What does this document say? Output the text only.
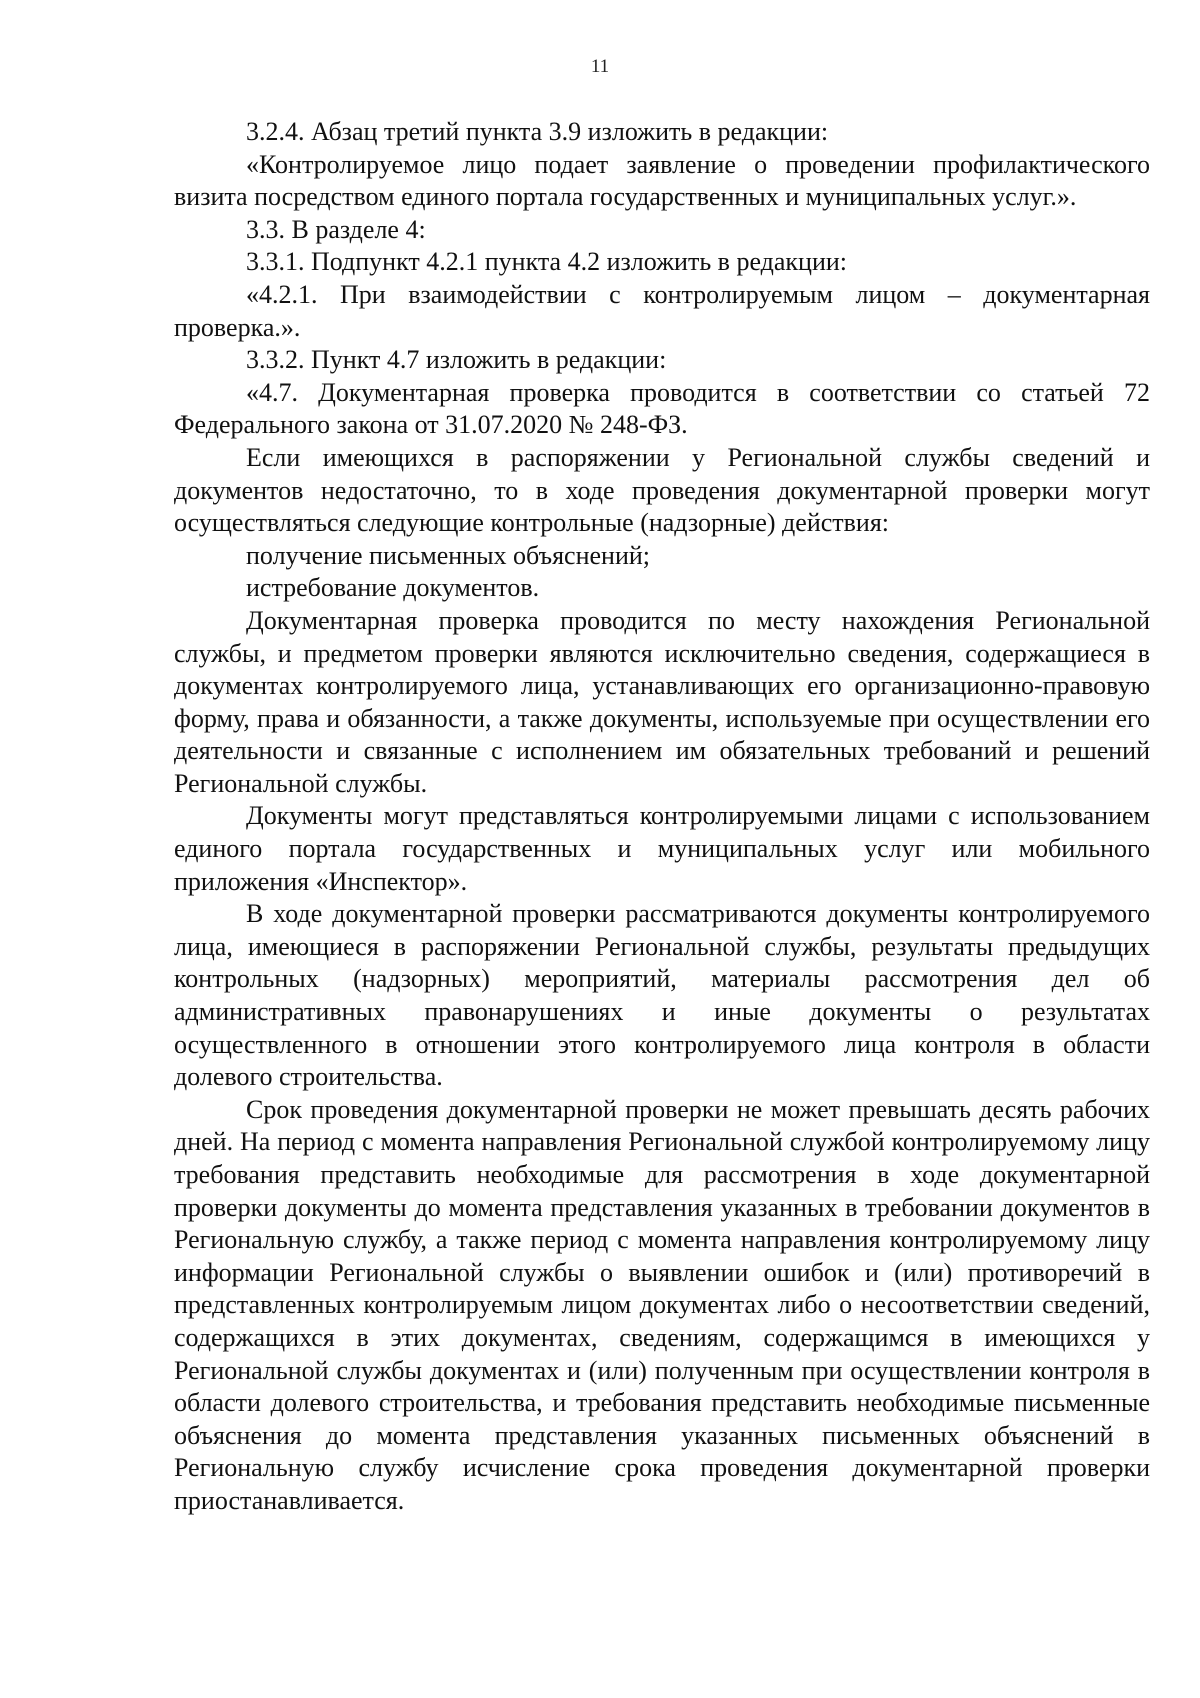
11

3.2.4. Абзац третий пункта 3.9 изложить в редакции:

«Контролируемое лицо подает заявление о проведении профилактического визита посредством единого портала государственных и муниципальных услуг.».

3.3. В разделе 4:

3.3.1. Подпункт 4.2.1 пункта 4.2 изложить в редакции:

«4.2.1. При взаимодействии с контролируемым лицом – документарная проверка.».

3.3.2. Пункт 4.7 изложить в редакции:

«4.7. Документарная проверка проводится в соответствии со статьей 72 Федерального закона от 31.07.2020 № 248-ФЗ.

Если имеющихся в распоряжении у Региональной службы сведений и документов недостаточно, то в ходе проведения документарной проверки могут осуществляться следующие контрольные (надзорные) действия:

получение письменных объяснений;

истребование документов.

Документарная проверка проводится по месту нахождения Региональной службы, и предметом проверки являются исключительно сведения, содержащиеся в документах контролируемого лица, устанавливающих его организационно-правовую форму, права и обязанности, а также документы, используемые при осуществлении его деятельности и связанные с исполнением им обязательных требований и решений Региональной службы.

Документы могут представляться контролируемыми лицами с использованием единого портала государственных и муниципальных услуг или мобильного приложения «Инспектор».

В ходе документарной проверки рассматриваются документы контролируемого лица, имеющиеся в распоряжении Региональной службы, результаты предыдущих контрольных (надзорных) мероприятий, материалы рассмотрения дел об административных правонарушениях и иные документы о результатах осуществленного в отношении этого контролируемого лица контроля в области долевого строительства.

Срок проведения документарной проверки не может превышать десять рабочих дней. На период с момента направления Региональной службой контролируемому лицу требования представить необходимые для рассмотрения в ходе документарной проверки документы до момента представления указанных в требовании документов в Региональную службу, а также период с момента направления контролируемому лицу информации Региональной службы о выявлении ошибок и (или) противоречий в представленных контролируемым лицом документах либо о несоответствии сведений, содержащихся в этих документах, сведениям, содержащимся в имеющихся у Региональной службы документах и (или) полученным при осуществлении контроля в области долевого строительства, и требования представить необходимые письменные объяснения до момента представления указанных письменных объяснений в Региональную службу исчисление срока проведения документарной проверки приостанавливается.
